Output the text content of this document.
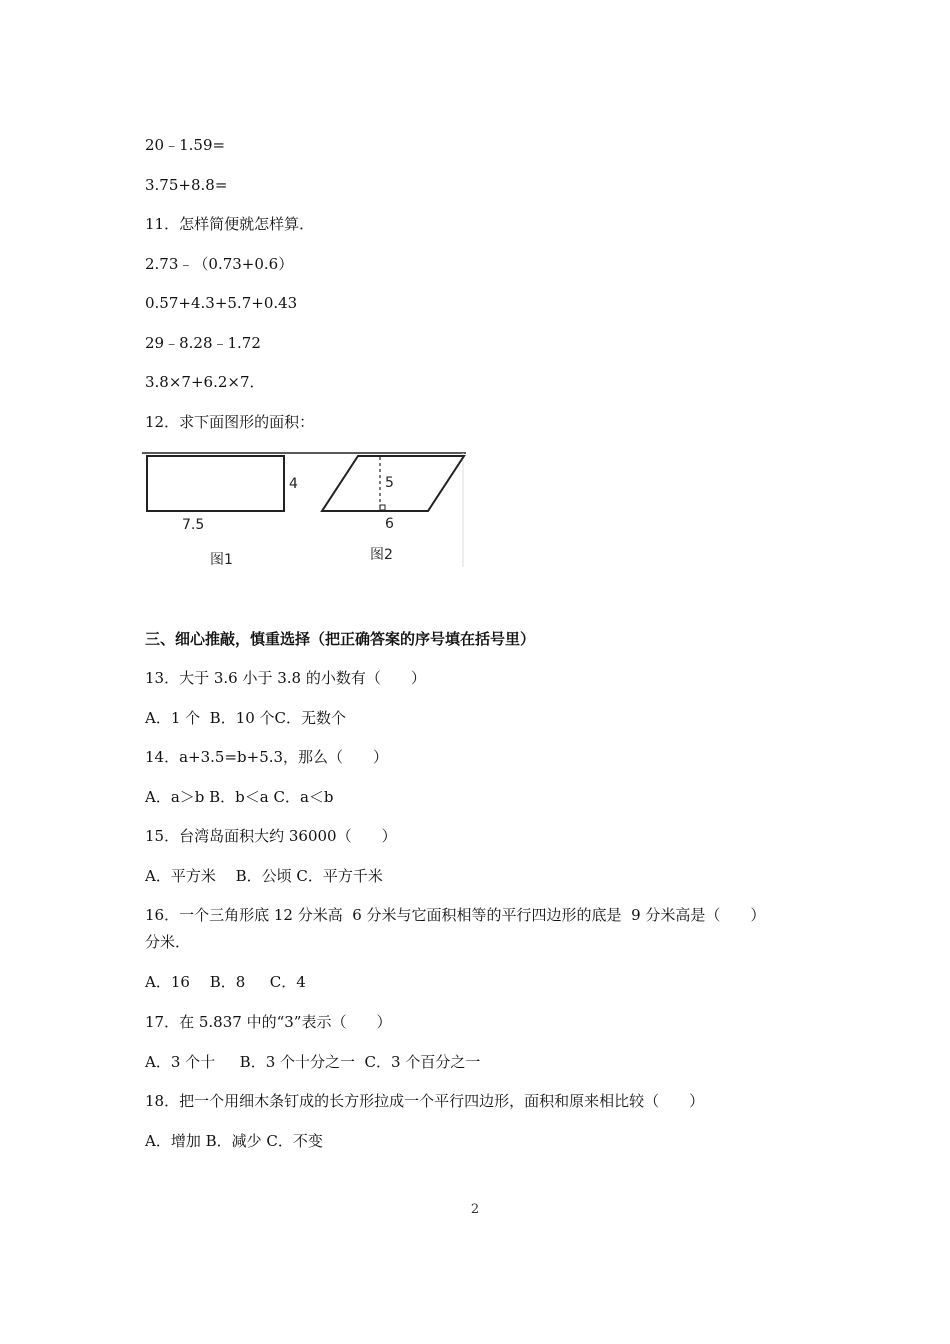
20﹣1.59=
3.75+8.8=
11．怎样简便就怎样算．
2.73﹣（0.73+0.6）
0.57+4.3+5.7+0.43
29﹣8.28﹣1.72
3.8×7+6.2×7．
12．求下面图形的面积：
4
7.5
图1
5
6
图2
三、细心推敲，慎重选择（把正确答案的序号填在括号里）
13．大于 3.6 小于 3.8 的小数有（　　）
A．1 个  B．10 个C．无数个
14．a+3.5=b+5.3，那么（　　）
A．a＞b B．b＜a C．a＜b
15．台湾岛面积大约 36000（　　）
A．平方米　 B．公顷 C．平方千米
16．一个三角形底 12 分米高  6 分米与它面积相等的平行四边形的底是  9 分米高是（　　）
分米．
A．16　 B．8　  C．4
17．在 5.837 中的“3”表示（　　）
A．3 个十　  B．3 个十分之一  C．3 个百分之一
18．把一个用细木条钉成的长方形拉成一个平行四边形，面积和原来相比较（　　）
A．增加 B．减少 C．不变
2
